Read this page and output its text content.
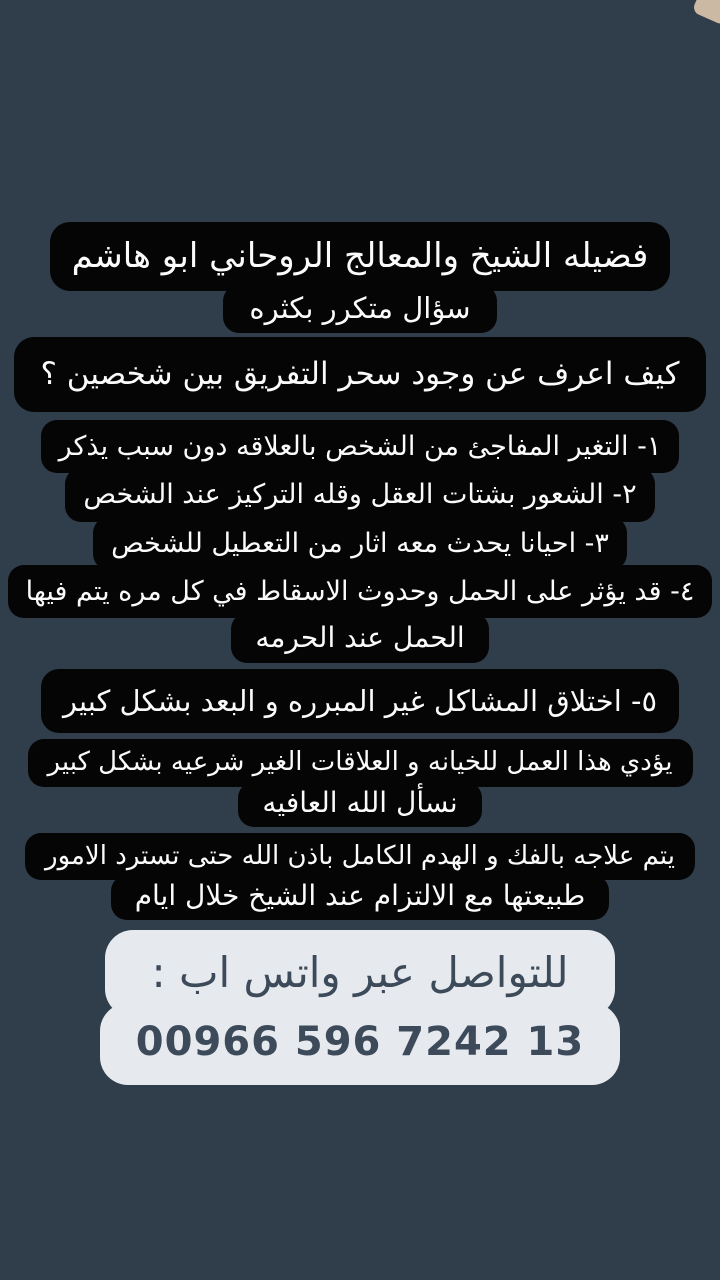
فضيله الشيخ والمعالج الروحاني ابو هاشم
سؤال متكرر بكثره
كيف اعرف عن وجود سحر التفريق بين شخصين ؟
١- التغير المفاجئ من الشخص بالعلاقه دون سبب يذكر
٢- الشعور بشتات العقل وقله التركيز عند الشخص
٣- احيانا يحدث معه اثار من التعطيل للشخص
٤- قد يؤثر على الحمل وحدوث الاسقاط في كل مره يتم فيها
الحمل عند الحرمه
٥- اختلاق المشاكل غير المبرره و البعد بشكل كبير
يؤدي هذا العمل للخيانه و العلاقات الغير شرعيه بشكل كبير
نسأل الله العافيه
يتم علاجه بالفك و الهدم الكامل باذن الله حتى تسترد الامور
طبيعتها مع الالتزام عند الشيخ خلال ايام
للتواصل عبر واتس اب :
00966 596 7242 13
